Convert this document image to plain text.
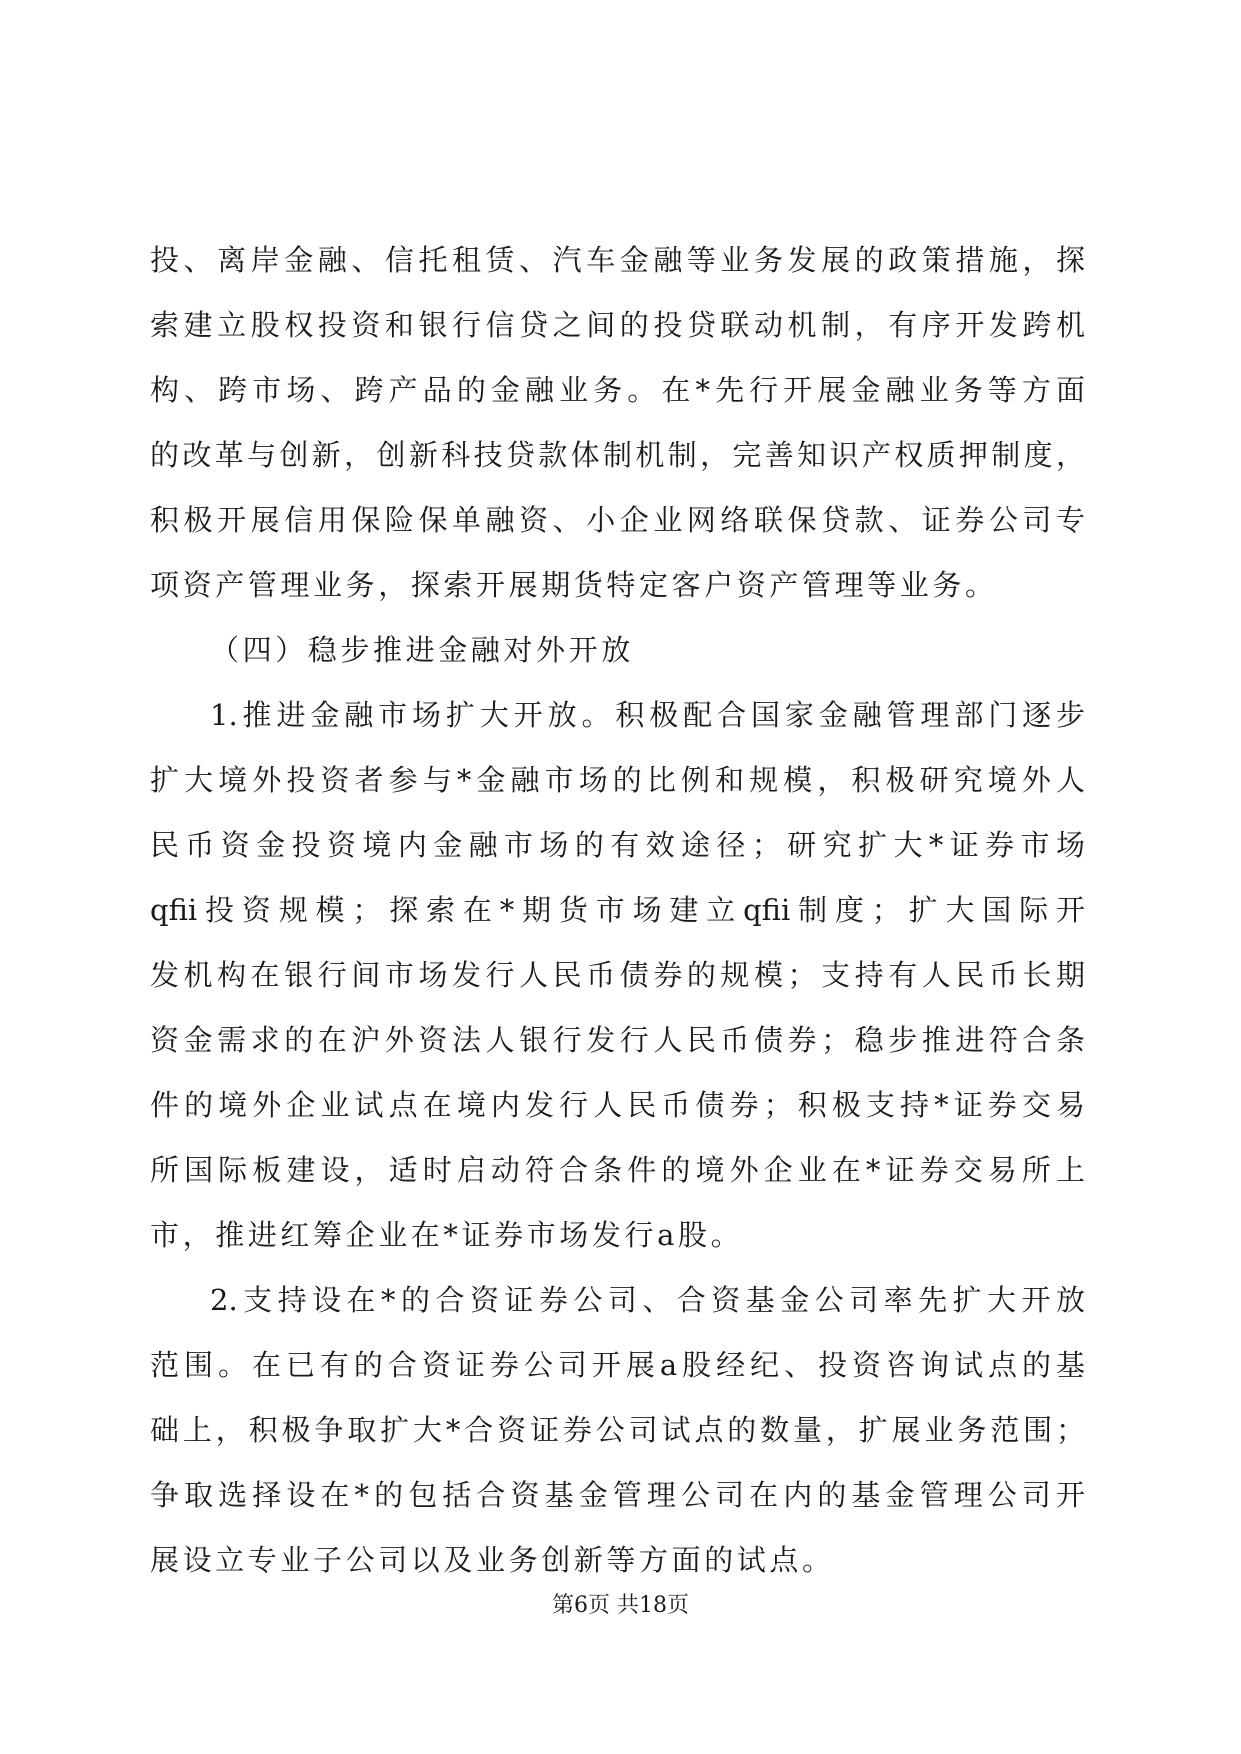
投、离岸金融、信托租赁、汽车金融等业务发展的政策措施，探
索建立股权投资和银行信贷之间的投贷联动机制，有序开发跨机
构、跨市场、跨产品的金融业务。在*先行开展金融业务等方面
的改革与创新，创新科技贷款体制机制，完善知识产权质押制度，
积极开展信用保险保单融资、小企业网络联保贷款、证券公司专
项资产管理业务，探索开展期货特定客户资产管理等业务。
（四）稳步推进金融对外开放
1.推进金融市场扩大开放。积极配合国家金融管理部门逐步
扩大境外投资者参与*金融市场的比例和规模，积极研究境外人
民币资金投资境内金融市场的有效途径；研究扩大*证券市场
qfii投资规模；探索在*期货市场建立qfii制度；扩大国际开
发机构在银行间市场发行人民币债券的规模；支持有人民币长期
资金需求的在沪外资法人银行发行人民币债券；稳步推进符合条
件的境外企业试点在境内发行人民币债券；积极支持*证券交易
所国际板建设，适时启动符合条件的境外企业在*证券交易所上
市，推进红筹企业在*证券市场发行a股。
2.支持设在*的合资证券公司、合资基金公司率先扩大开放
范围。在已有的合资证券公司开展a股经纪、投资咨询试点的基
础上，积极争取扩大*合资证券公司试点的数量，扩展业务范围；
争取选择设在*的包括合资基金管理公司在内的基金管理公司开
展设立专业子公司以及业务创新等方面的试点。
第6页 共18页
